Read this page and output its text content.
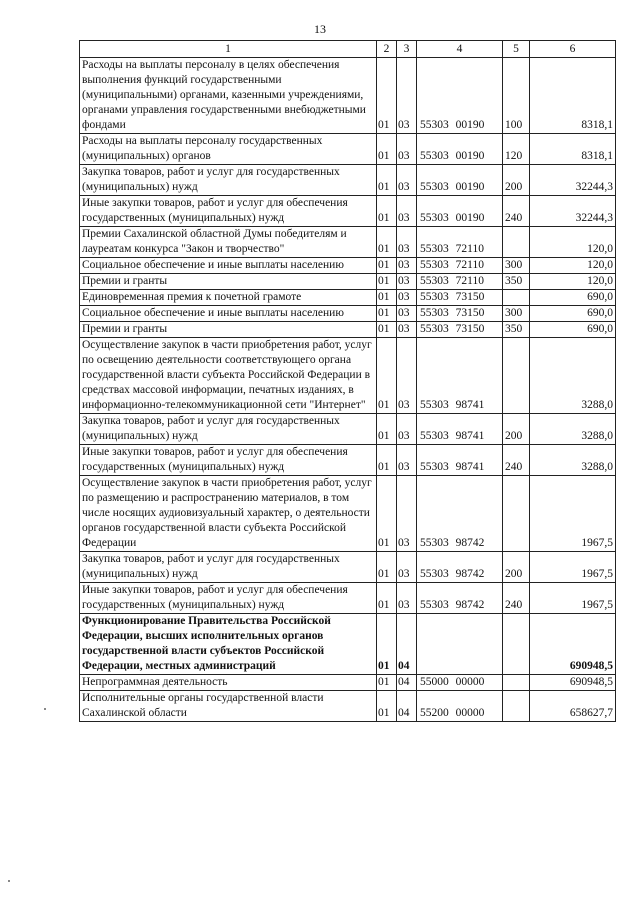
13
1	2	3	4	5	6
Расходы на выплаты персоналу в целях обеспечения выполнения функций государственными (муниципальными) органами, казенными учреждениями, органами управления государственными внебюджетными фондами	01	03	55303 00190	100	8318,1
Расходы на выплаты персоналу государственных (муниципальных) органов	01	03	55303 00190	120	8318,1
Закупка товаров, работ и услуг для государственных (муниципальных) нужд	01	03	55303 00190	200	32244,3
Иные закупки товаров, работ и услуг для обеспечения государственных (муниципальных) нужд	01	03	55303 00190	240	32244,3
Премии Сахалинской областной Думы победителям и лауреатам конкурса "Закон и творчество"	01	03	55303 72110		120,0
Социальное обеспечение и иные выплаты населению	01	03	55303 72110	300	120,0
Премии и гранты	01	03	55303 72110	350	120,0
Единовременная премия к почетной грамоте	01	03	55303 73150		690,0
Социальное обеспечение и иные выплаты населению	01	03	55303 73150	300	690,0
Премии и гранты	01	03	55303 73150	350	690,0
Осуществление закупок в части приобретения работ, услуг по освещению деятельности соответствующего органа государственной власти субъекта Российской Федерации в средствах массовой информации, печатных изданиях, в информационно-телекоммуникационной сети "Интернет"	01	03	55303 98741		3288,0
Закупка товаров, работ и услуг для государственных (муниципальных) нужд	01	03	55303 98741	200	3288,0
Иные закупки товаров, работ и услуг для обеспечения государственных (муниципальных) нужд	01	03	55303 98741	240	3288,0
Осуществление закупок в части приобретения работ, услуг по размещению и распространению материалов, в том числе носящих аудиовизуальный характер, о деятельности органов государственной власти субъекта Российской Федерации	01	03	55303 98742		1967,5
Закупка товаров, работ и услуг для государственных (муниципальных) нужд	01	03	55303 98742	200	1967,5
Иные закупки товаров, работ и услуг для обеспечения государственных (муниципальных) нужд	01	03	55303 98742	240	1967,5
Функционирование Правительства Российской Федерации, высших исполнительных органов государственной власти субъектов Российской Федерации, местных администраций	01	04			690948,5
Непрограммная деятельность	01	04	55000 00000		690948,5
Исполнительные органы государственной власти Сахалинской области	01	04	55200 00000		658627,7
